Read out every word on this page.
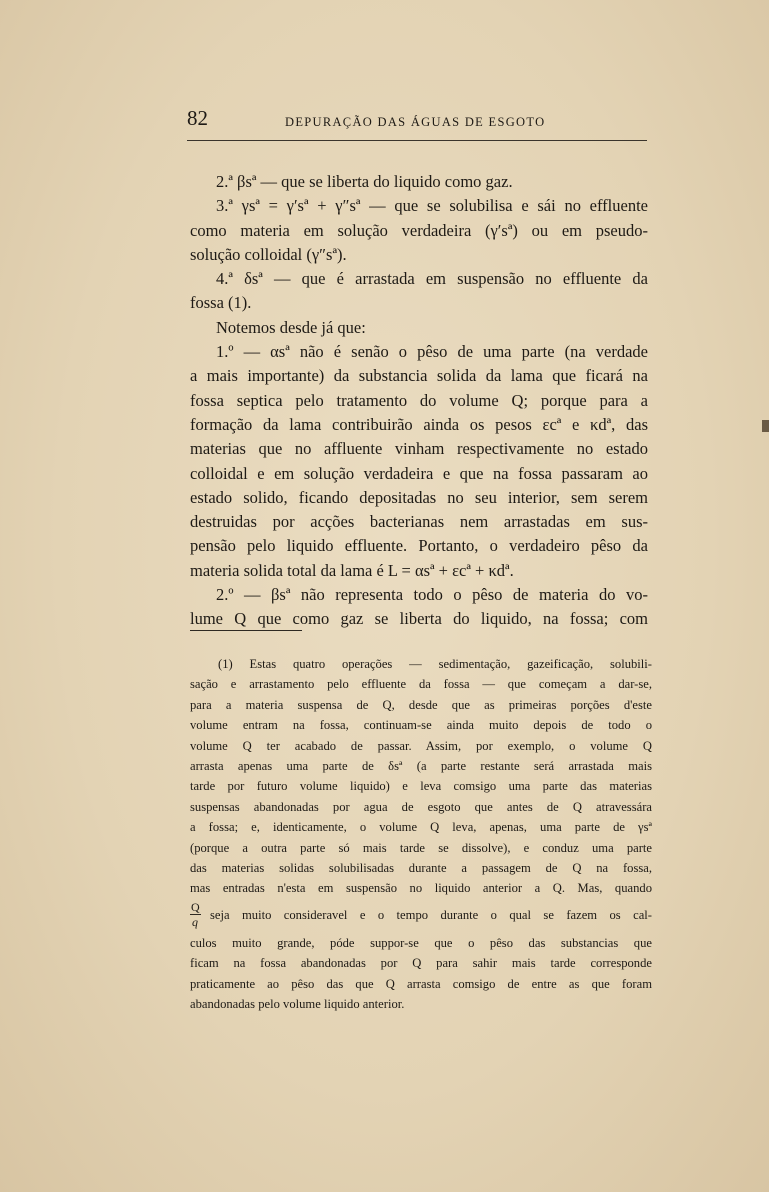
82	DEPURAÇÃO DAS ÁGUAS DE ESGOTO
2.ª βsª — que se liberta do liquido como gaz.
3.ª γsª = γ′sª + γ″sª — que se solubilisa e sái no effluente
como materia em solução verdadeira (γ′sª) ou em pseudo-
solução colloidal (γ″sª).
4.ª δsª — que é arrastada em suspensão no effluente da
fossa (1).
Notemos desde já que:
1.º — αsª não é senão o pêso de uma parte (na verdade
a mais importante) da substancia solida da lama que ficará na
fossa septica pelo tratamento do volume Q; porque para a
formação da lama contribuirão ainda os pesos εcª e κdª, das
materias que no affluente vinham respectivamente no estado
colloidal e em solução verdadeira e que na fossa passaram ao
estado solido, ficando depositadas no seu interior, sem serem
destruidas por acções bacterianas nem arrastadas em sus-
pensão pelo liquido effluente. Portanto, o verdadeiro pêso da
materia solida total da lama é L = αsª + εcª + κdª.
2.º — βsª não representa todo o pêso de materia do vo-
lume Q que como gaz se liberta do liquido, na fossa; com
(1) Estas quatro operações — sedimentação, gazeificação, solubili-
sação e arrastamento pelo effluente da fossa — que começam a dar-se,
para a materia suspensa de Q, desde que as primeiras porções d'este
volume entram na fossa, continuam-se ainda muito depois de todo o
volume Q ter acabado de passar. Assim, por exemplo, o volume Q
arrasta apenas uma parte de δsª (a parte restante será arrastada mais
tarde por futuro volume liquido) e leva comsigo uma parte das materias
suspensas abandonadas por agua de esgoto que antes de Q atravessára
a fossa; e, identicamente, o volume Q leva, apenas, uma parte de γsª
(porque a outra parte só mais tarde se dissolve), e conduz uma parte
das materias solidas solubilisadas durante a passagem de Q na fossa,
mas entradas n'esta em suspensão no liquido anterior a Q. Mas, quando
Q
q seja muito consideravel e o tempo durante o qual se fazem os cal-
culos muito grande, póde suppor-se que o pêso das substancias que
ficam na fossa abandonadas por Q para sahir mais tarde corresponde
praticamente ao pêso das que Q arrasta comsigo de entre as que foram
abandonadas pelo volume liquido anterior.
